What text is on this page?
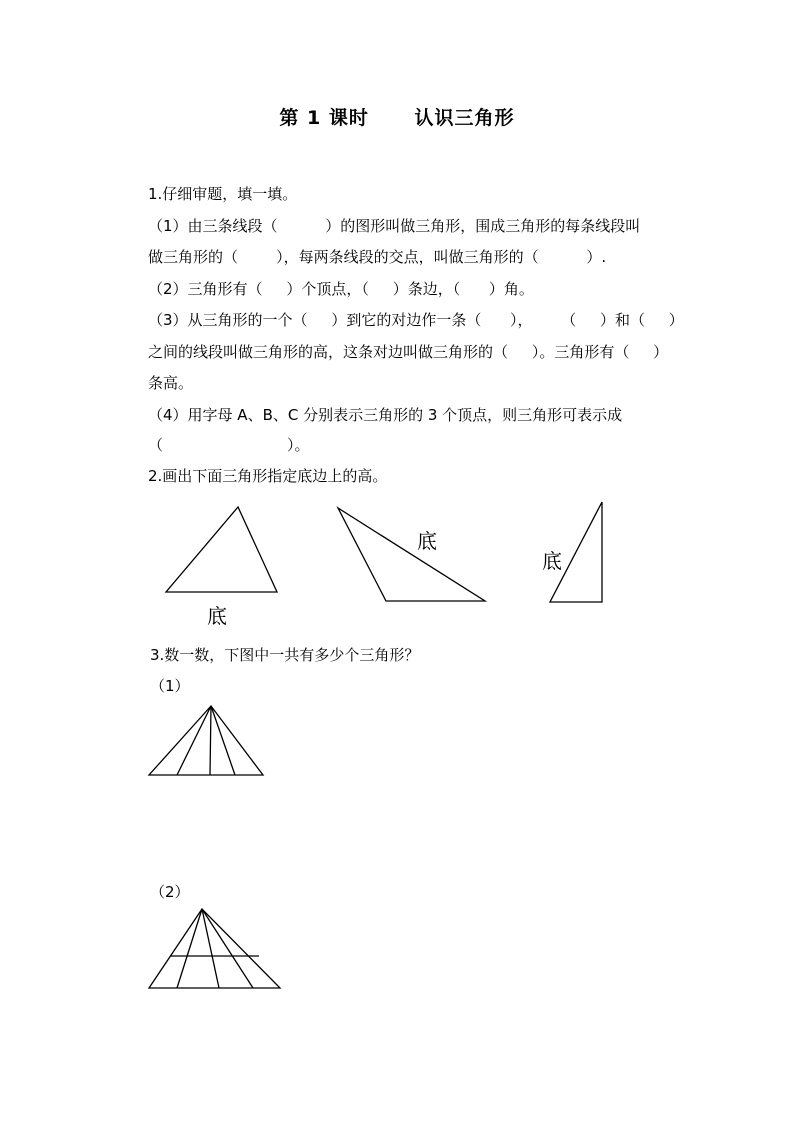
第 1 课时      认识三角形
1.仔细审题，填一填。
（1）由三条线段（          ）的图形叫做三角形，围成三角形的每条线段叫
做三角形的（        ），每两条线段的交点，叫做三角形的（          ）.
（2）三角形有（     ）个顶点，（     ）条边，（      ）角。
（3）从三角形的一个（     ）到它的对边作一条（      ），      （     ）和（     ）
之间的线段叫做三角形的高，这条对边叫做三角形的（     ）。三角形有（     ）
条高。
（4）用字母 A、B、C 分别表示三角形的 3 个顶点，则三角形可表示成
（                          ）。
2.画出下面三角形指定底边上的高。
底
底
底
3.数一数，下图中一共有多少个三角形？
（1）
（2）
